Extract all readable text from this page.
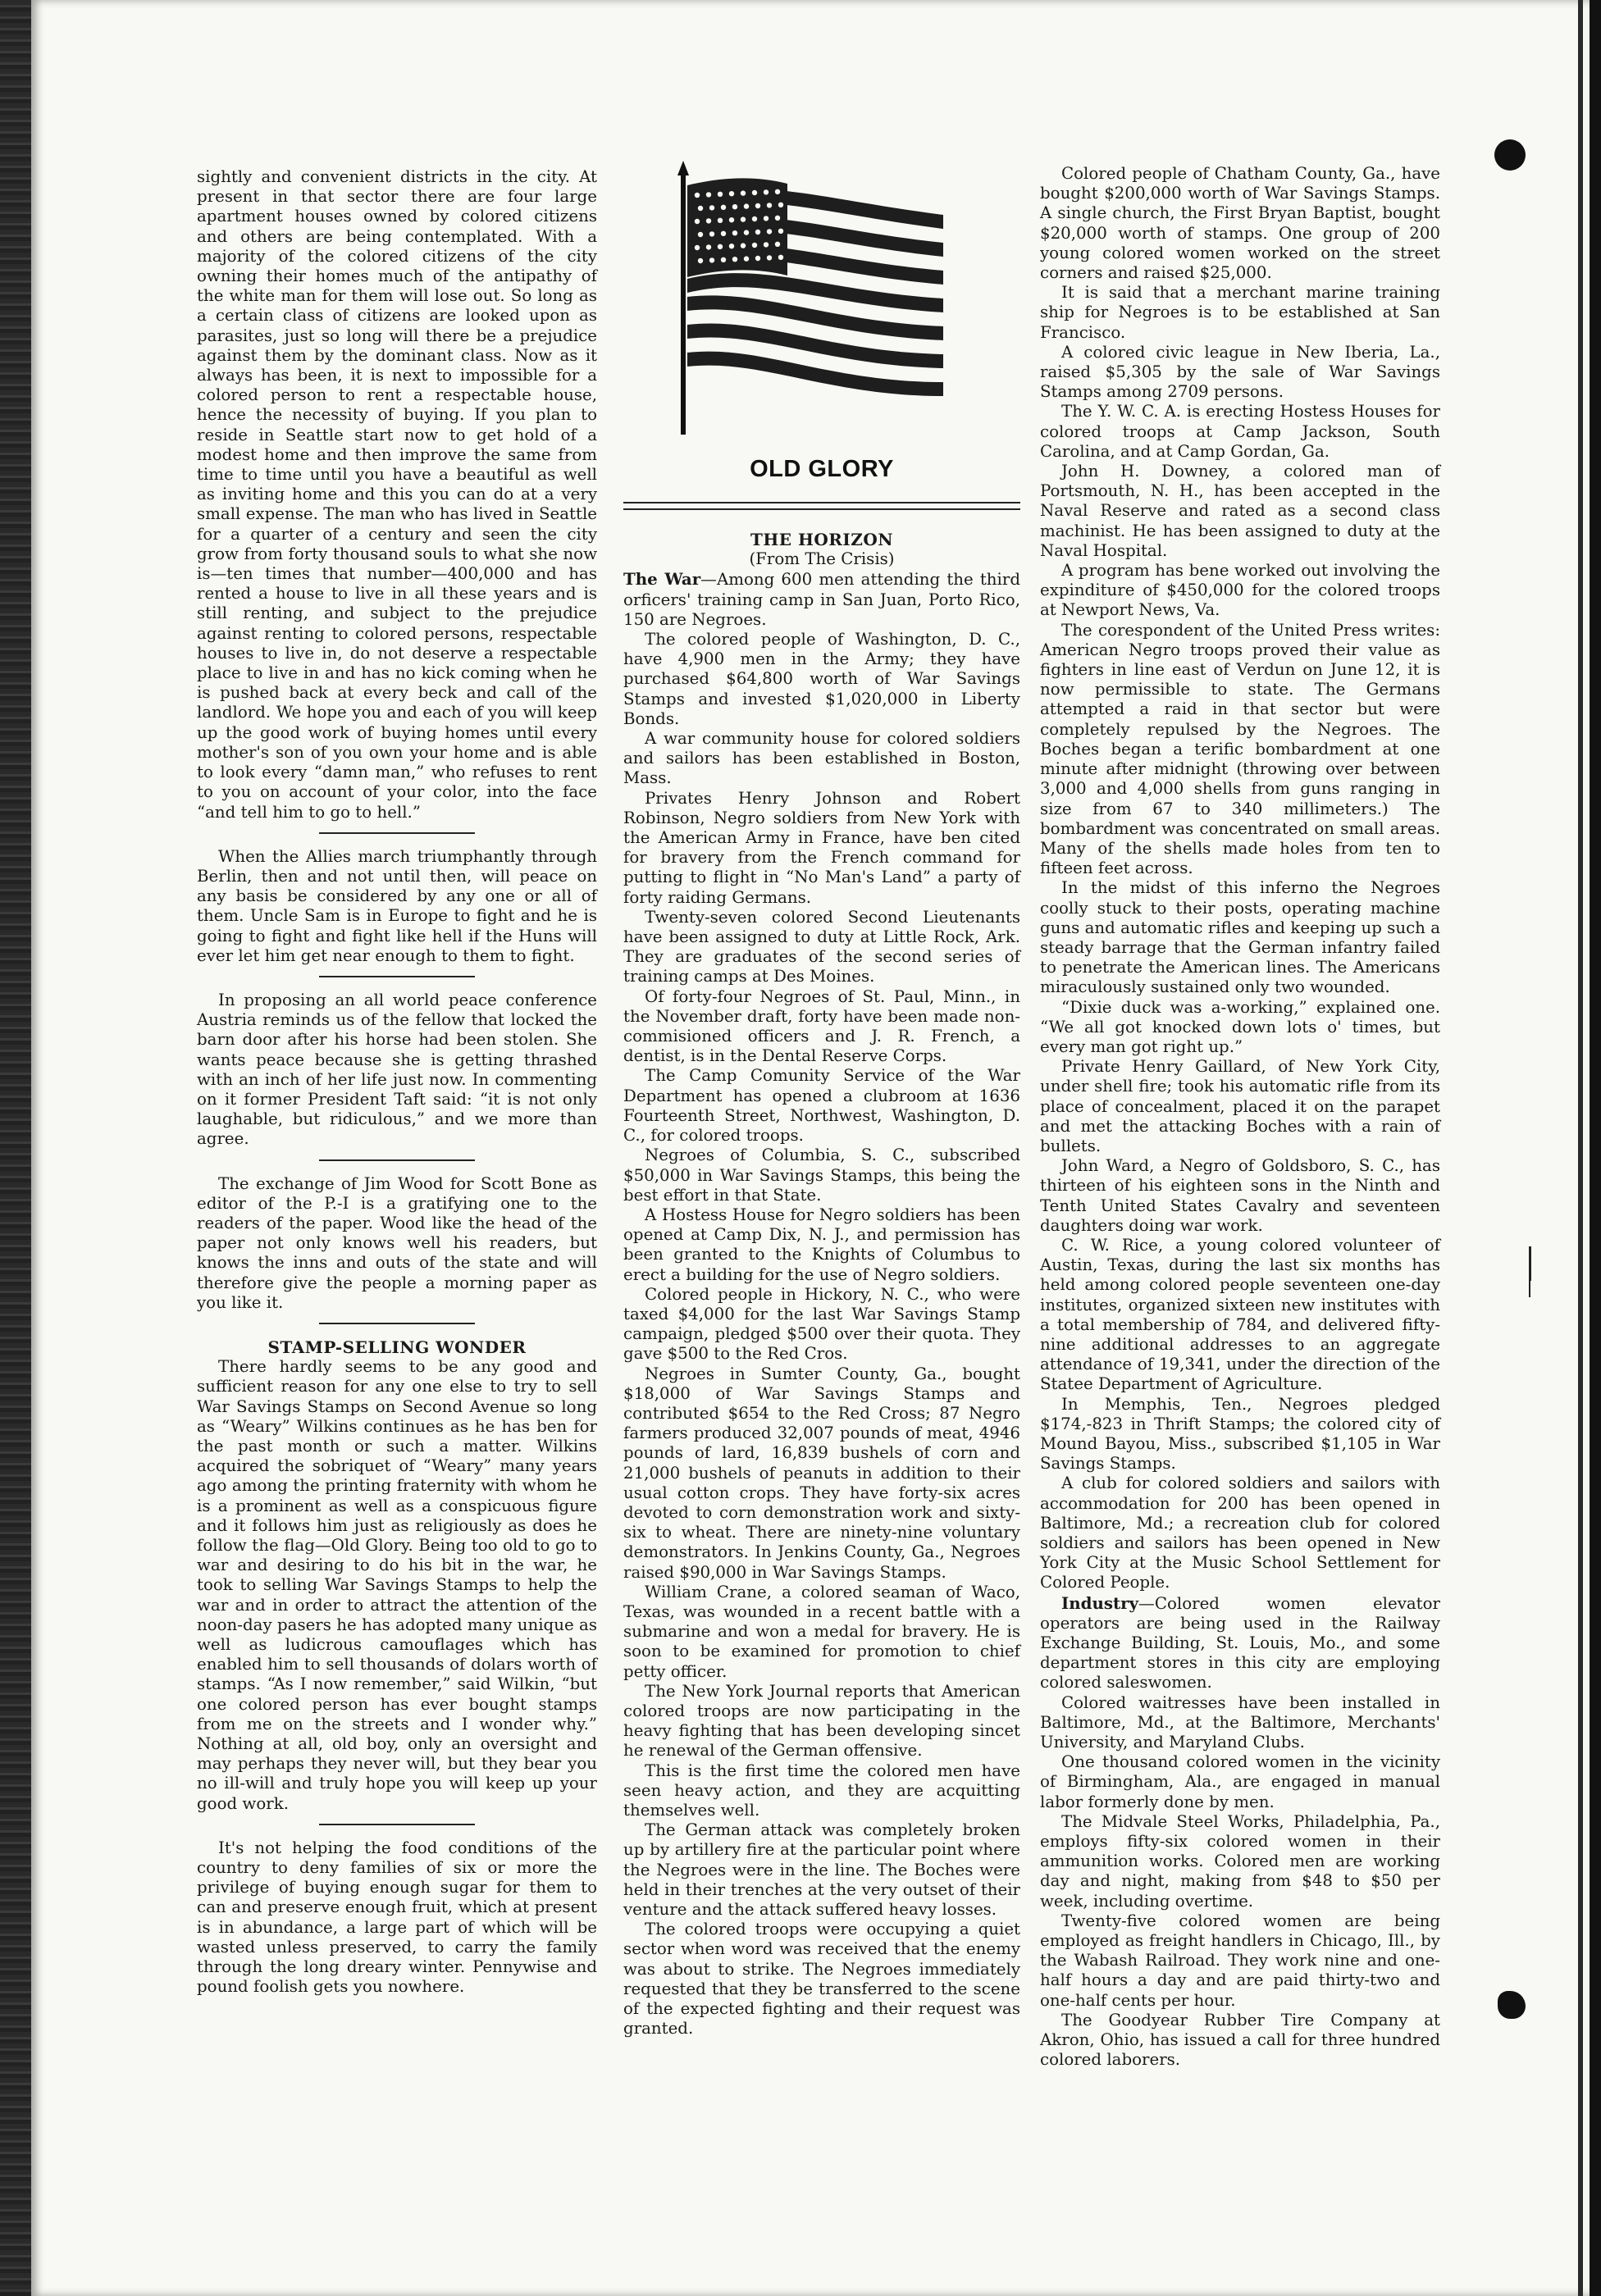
sightly and convenient districts in the city. At present in that sector there are four large apartment houses owned by colored citizens and others are being contemplated. With a majority of the colored citizens of the city owning their homes much of the antipathy of the white man for them will lose out. So long as a certain class of citizens are looked upon as parasites, just so long will there be a prejudice against them by the dominant class. Now as it always has been, it is next to impossible for a colored person to rent a respectable house, hence the necessity of buying. If you plan to reside in Seattle start now to get hold of a modest home and then improve the same from time to time until you have a beautiful as well as inviting home and this you can do at a very small expense. The man who has lived in Seattle for a quarter of a century and seen the city grow from forty thousand souls to what she now is—ten times that number—400,000 and has rented a house to live in all these years and is still renting, and subject to the prejudice against renting to colored persons, respectable houses to live in, do not deserve a respectable place to live in and has no kick coming when he is pushed back at every beck and call of the landlord. We hope you and each of you will keep up the good work of buying homes until every mother's son of you own your home and is able to look every “damn man,” who refuses to rent to you on account of your color, into the face “and tell him to go to hell.”

When the Allies march triumphantly through Berlin, then and not until then, will peace on any basis be considered by any one or all of them. Uncle Sam is in Europe to fight and he is going to fight and fight like hell if the Huns will ever let him get near enough to them to fight.

In proposing an all world peace conference Austria reminds us of the fellow that locked the barn door after his horse had been stolen. She wants peace because she is getting thrashed with an inch of her life just now. In commenting on it former President Taft said: “it is not only laughable, but ridiculous,” and we more than agree.

The exchange of Jim Wood for Scott Bone as editor of the P.-I is a gratifying one to the readers of the paper. Wood like the head of the paper not only knows well his readers, but knows the inns and outs of the state and will therefore give the people a morning paper as you like it.

STAMP-SELLING WONDER

There hardly seems to be any good and sufficient reason for any one else to try to sell War Savings Stamps on Second Avenue so long as “Weary” Wilkins continues as he has ben for the past month or such a matter. Wilkins acquired the sobriquet of “Weary” many years ago among the printing fraternity with whom he is a prominent as well as a conspicuous figure and it follows him just as religiously as does he follow the flag—Old Glory. Being too old to go to war and desiring to do his bit in the war, he took to selling War Savings Stamps to help the war and in order to attract the attention of the noon-day pasers he has adopted many unique as well as ludicrous camouflages which has enabled him to sell thousands of dolars worth of stamps. “As I now remember,” said Wilkin, “but one colored person has ever bought stamps from me on the streets and I wonder why.” Nothing at all, old boy, only an oversight and may perhaps they never will, but they bear you no ill-will and truly hope you will keep up your good work.

It's not helping the food conditions of the country to deny families of six or more the privilege of buying enough sugar for them to can and preserve enough fruit, which at present is in abundance, a large part of which will be wasted unless preserved, to carry the family through the long dreary winter. Pennywise and pound foolish gets you nowhere.

OLD GLORY

THE HORIZON

(From The Crisis)

The War—Among 600 men attending the third orficers' training camp in San Juan, Porto Rico, 150 are Negroes.

The colored people of Washington, D. C., have 4,900 men in the Army; they have purchased $64,800 worth of War Savings Stamps and invested $1,020,000 in Liberty Bonds.

A war community house for colored soldiers and sailors has been established in Boston, Mass.

Privates Henry Johnson and Robert Robinson, Negro soldiers from New York with the American Army in France, have ben cited for bravery from the French command for putting to flight in “No Man's Land” a party of forty raiding Germans.

Twenty-seven colored Second Lieutenants have been assigned to duty at Little Rock, Ark. They are graduates of the second series of training camps at Des Moines.

Of forty-four Negroes of St. Paul, Minn., in the November draft, forty have been made non-commisioned officers and J. R. French, a dentist, is in the Dental Reserve Corps.

The Camp Comunity Service of the War Department has opened a clubroom at 1636 Fourteenth Street, Northwest, Washington, D. C., for colored troops.

Negroes of Columbia, S. C., subscribed $50,000 in War Savings Stamps, this being the best effort in that State.

A Hostess House for Negro soldiers has been opened at Camp Dix, N. J., and permission has been granted to the Knights of Columbus to erect a building for the use of Negro soldiers.

Colored people in Hickory, N. C., who were taxed $4,000 for the last War Savings Stamp campaign, pledged $500 over their quota. They gave $500 to the Red Cros.

Negroes in Sumter County, Ga., bought $18,000 of War Savings Stamps and contributed $654 to the Red Cross; 87 Negro farmers produced 32,007 pounds of meat, 4946 pounds of lard, 16,839 bushels of corn and 21,000 bushels of peanuts in addition to their usual cotton crops. They have forty-six acres devoted to corn demonstration work and sixty-six to wheat. There are ninety-nine voluntary demonstrators. In Jenkins County, Ga., Negroes raised $90,000 in War Savings Stamps.

William Crane, a colored seaman of Waco, Texas, was wounded in a recent battle with a submarine and won a medal for bravery. He is soon to be examined for promotion to chief petty officer.

The New York Journal reports that American colored troops are now participating in the heavy fighting that has been developing sincet he renewal of the German offensive.

This is the first time the colored men have seen heavy action, and they are acquitting themselves well.

The German attack was completely broken up by artillery fire at the particular point where the Negroes were in the line. The Boches were held in their trenches at the very outset of their venture and the attack suffered heavy losses.

The colored troops were occupying a quiet sector when word was received that the enemy was about to strike. The Negroes immediately requested that they be transferred to the scene of the expected fighting and their request was granted.

Colored people of Chatham County, Ga., have bought $200,000 worth of War Savings Stamps. A single church, the First Bryan Baptist, bought $20,000 worth of stamps. One group of 200 young colored women worked on the street corners and raised $25,000.

It is said that a merchant marine training ship for Negroes is to be established at San Francisco.

A colored civic league in New Iberia, La., raised $5,305 by the sale of War Savings Stamps among 2709 persons.

The Y. W. C. A. is erecting Hostess Houses for colored troops at Camp Jackson, South Carolina, and at Camp Gordan, Ga.

John H. Downey, a colored man of Portsmouth, N. H., has been accepted in the Naval Reserve and rated as a second class machinist. He has been assigned to duty at the Naval Hospital.

A program has bene worked out involving the expinditure of $450,000 for the colored troops at Newport News, Va.

The corespondent of the United Press writes: American Negro troops proved their value as fighters in line east of Verdun on June 12, it is now permissible to state. The Germans attempted a raid in that sector but were completely repulsed by the Negroes. The Boches began a terific bombardment at one minute after midnight (throwing over between 3,000 and 4,000 shells from guns ranging in size from 67 to 340 millimeters.) The bombardment was concentrated on small areas. Many of the shells made holes from ten to fifteen feet across.

In the midst of this inferno the Negroes coolly stuck to their posts, operating machine guns and automatic rifles and keeping up such a steady barrage that the German infantry failed to penetrate the American lines. The Americans miraculously sustained only two wounded.

“Dixie duck was a-working,” explained one. “We all got knocked down lots o' times, but every man got right up.”

Private Henry Gaillard, of New York City, under shell fire; took his automatic rifle from its place of concealment, placed it on the parapet and met the attacking Boches with a rain of bullets.

John Ward, a Negro of Goldsboro, S. C., has thirteen of his eighteen sons in the Ninth and Tenth United States Cavalry and seventeen daughters doing war work.

C. W. Rice, a young colored volunteer of Austin, Texas, during the last six months has held among colored people seventeen one-day institutes, organized sixteen new institutes with a total membership of 784, and delivered fifty-nine additional addresses to an aggregate attendance of 19,341, under the direction of the Statee Department of Agriculture.

In Memphis, Ten., Negroes pledged $174,-823 in Thrift Stamps; the colored city of Mound Bayou, Miss., subscribed $1,105 in War Savings Stamps.

A club for colored soldiers and sailors with accommodation for 200 has been opened in Baltimore, Md.; a recreation club for colored soldiers and sailors has been opened in New York City at the Music School Settlement for Colored People.

Industry—Colored women elevator operators are being used in the Railway Exchange Building, St. Louis, Mo., and some department stores in this city are employing colored saleswomen.

Colored waitresses have been installed in Baltimore, Md., at the Baltimore, Merchants' University, and Maryland Clubs.

One thousand colored women in the vicinity of Birmingham, Ala., are engaged in manual labor formerly done by men.

The Midvale Steel Works, Philadelphia, Pa., employs fifty-six colored women in their ammunition works. Colored men are working day and night, making from $48 to $50 per week, including overtime.

Twenty-five colored women are being employed as freight handlers in Chicago, Ill., by the Wabash Railroad. They work nine and one-half hours a day and are paid thirty-two and one-half cents per hour.

The Goodyear Rubber Tire Company at Akron, Ohio, has issued a call for three hundred colored laborers.
